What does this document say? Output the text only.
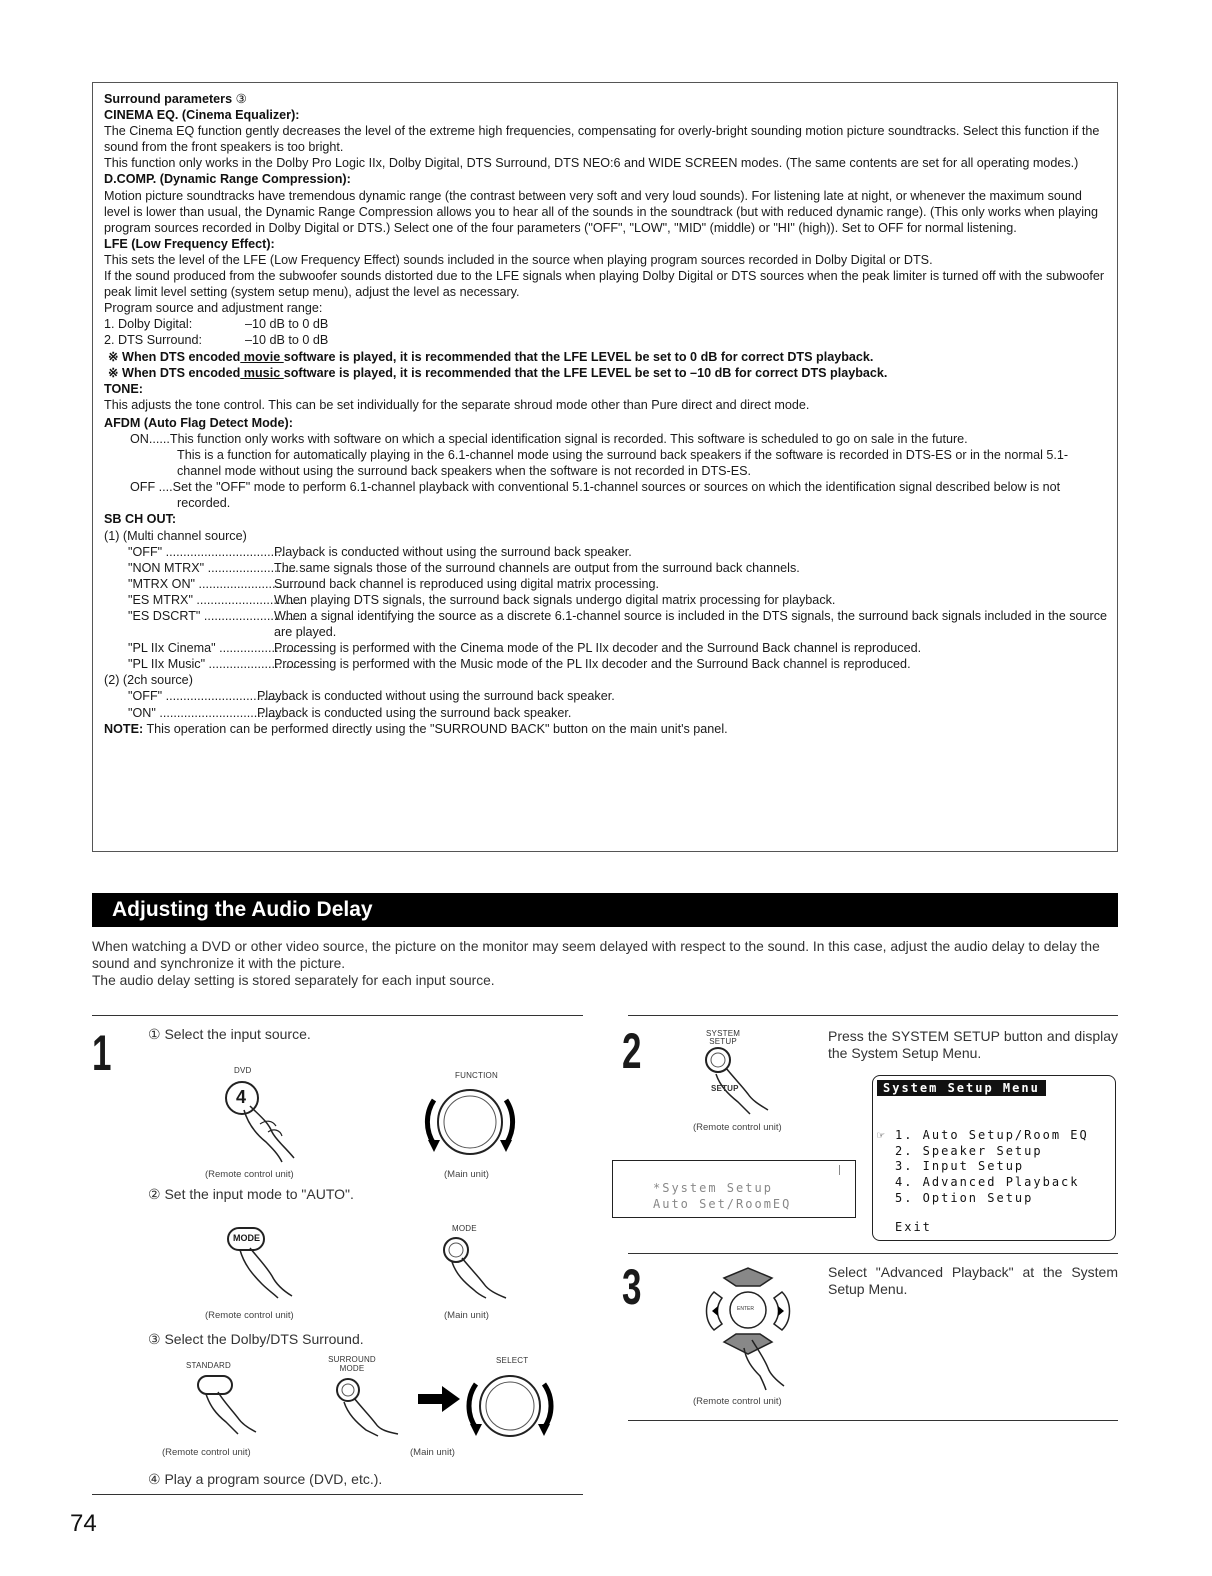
Surround parameters ③

CINEMA EQ. (Cinema Equalizer):

The Cinema EQ function gently decreases the level of the extreme high frequencies, compensating for overly-bright sounding motion picture soundtracks. Select this function if the sound from the front speakers is too bright.

This function only works in the Dolby Pro Logic IIx, Dolby Digital, DTS Surround, DTS NEO:6 and WIDE SCREEN modes. (The same contents are set for all operating modes.)

D.COMP. (Dynamic Range Compression):

Motion picture soundtracks have tremendous dynamic range (the contrast between very soft and very loud sounds). For listening late at night, or whenever the maximum sound level is lower than usual, the Dynamic Range Compression allows you to hear all of the sounds in the soundtrack (but with reduced dynamic range). (This only works when playing program sources recorded in Dolby Digital or DTS.) Select one of the four parameters ("OFF", "LOW", "MID" (middle) or "HI" (high)). Set to OFF for normal listening.

LFE (Low Frequency Effect):

This sets the level of the LFE (Low Frequency Effect) sounds included in the source when playing program sources recorded in Dolby Digital or DTS.

If the sound produced from the subwoofer sounds distorted due to the LFE signals when playing Dolby Digital or DTS sources when the peak limiter is turned off with the subwoofer peak limit level setting (system setup menu), adjust the level as necessary.

Program source and adjustment range:

1. Dolby Digital:	–10 dB to 0 dB

2. DTS Surround:	–10 dB to 0 dB

※ When DTS encoded movie software is played, it is recommended that the LFE LEVEL be set to 0 dB for correct DTS playback.

※ When DTS encoded music software is played, it is recommended that the LFE LEVEL be set to –10 dB for correct DTS playback.

TONE:

This adjusts the tone control. This can be set individually for the separate shroud mode other than Pure direct and direct mode.

AFDM (Auto Flag Detect Mode):

ON......This function only works with software on which a special identification signal is recorded. This software is scheduled to go on sale in the future.

This is a function for automatically playing in the 6.1-channel mode using the surround back speakers if the software is recorded in DTS-ES or in the normal 5.1-channel mode without using the surround back speakers when the software is not recorded in DTS-ES.

OFF ....Set the "OFF" mode to perform 6.1-channel playback with conventional 5.1-channel sources or sources on which the identification signal described below is not recorded.

SB CH OUT:

(1) (Multi channel source)

"OFF" ..................................
Playback is conducted without using the surround back speaker.
"NON MTRX" ..........................
The same signals those of the surround channels are output from the surround back channels.
"MTRX ON" ..............................
Surround back channel is reproduced using digital matrix processing.
"ES MTRX" ..............................
When playing DTS signals, the surround back signals undergo digital matrix processing for playback.
"ES DSCRT" .............................
When a signal identifying the source as a discrete 6.1-channel source is included in the DTS signals, the surround back signals included in the source are played.
"PL IIx Cinema" ...........................
Processing is performed with the Cinema mode of the PL IIx decoder and the Surround Back channel is reproduced.
"PL IIx Music" .............................
Processing is performed with the Music mode of the PL IIx decoder and the Surround Back channel is reproduced.

(2) (2ch source)

"OFF" ..................................
Playback is conducted without using the surround back speaker.
"ON" ...................................
Playback is conducted using the surround back speaker.

NOTE: This operation can be performed directly using the "SURROUND BACK" button on the main unit's panel.

Adjusting the Audio Delay

When watching a DVD or other video source, the picture on the monitor may seem delayed with respect to the sound. In this case, adjust the audio delay to delay the sound and synchronize it with the picture.

The audio delay setting is stored separately for each input source.

1	① Select the input source.
DVD
4
FUNCTION
(Remote control unit)	(Main unit)
② Set the input mode to "AUTO".
MODE
MODE
(Remote control unit)	(Main unit)
③ Select the Dolby/DTS Surround.
STANDARD
SURROUND
MODE
SELECT
(Remote control unit)	(Main unit)
④ Play a program source (DVD, etc.).
2	SYSTEM
SETUP
SETUP
(Remote control unit)
Press the SYSTEM SETUP button and display the System Setup Menu.
*System Setup
Auto Set/RoomEQ
System Setup Menu
☞ 1. Auto Setup/Room EQ
2. Speaker Setup
3. Input Setup
4. Advanced Playback
5. Option Setup
Exit
3	ENTER
(Remote control unit)
Select "Advanced Playback" at the System Setup Menu.
74
